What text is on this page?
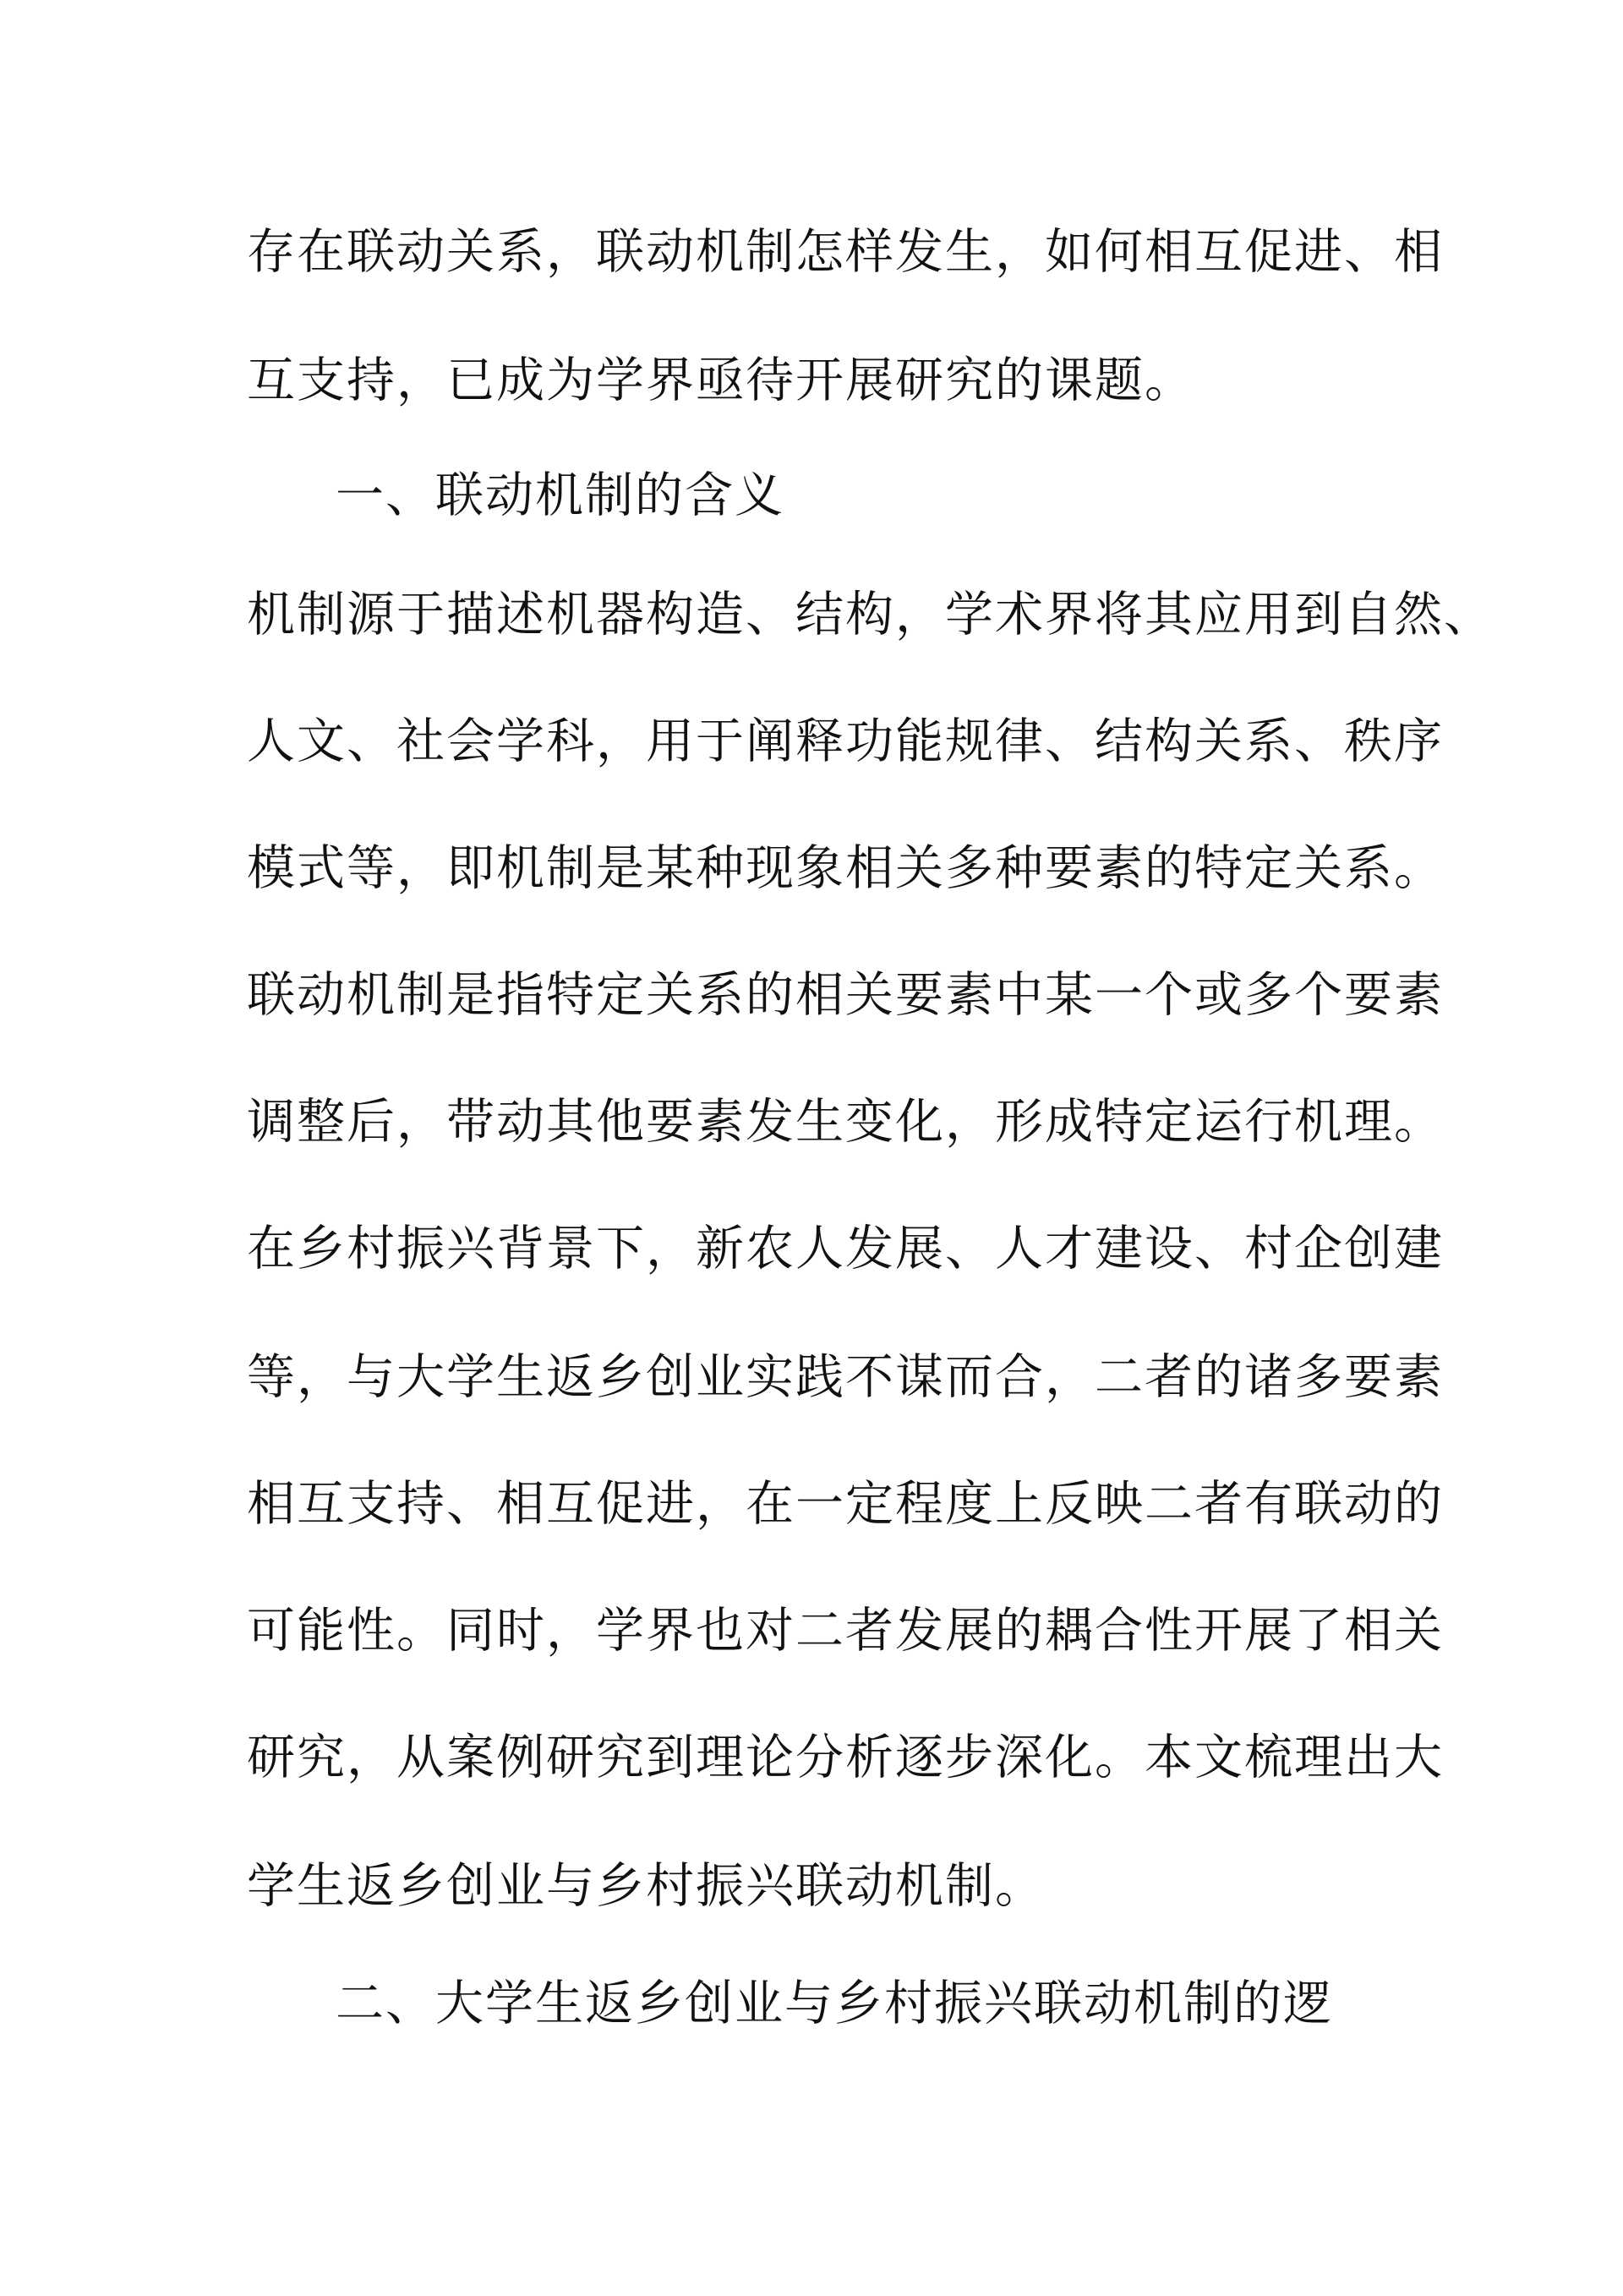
存在联动关系，联动机制怎样发生，如何相互促进、相
互支持，已成为学界亟待开展研究的课题。
一、联动机制的含义
机制源于描述机器构造、结构，学术界将其应用到自然、
人文、社会学科，用于阐释功能规律、结构关系、秩序
模式等，即机制是某种现象相关多种要素的特定关系。
联动机制是指特定关系的相关要素中某一个或多个要素
调整后，带动其他要素发生变化，形成特定运行机理。
在乡村振兴背景下，新农人发展、人才建设、村企创建
等，与大学生返乡创业实践不谋而合，二者的诸多要素
相互支持、相互促进，在一定程度上反映二者有联动的
可能性。同时，学界也对二者发展的耦合性开展了相关
研究，从案例研究到理论分析逐步深化。本文梳理出大
学生返乡创业与乡村振兴联动机制。
二、大学生返乡创业与乡村振兴联动机制的逻
